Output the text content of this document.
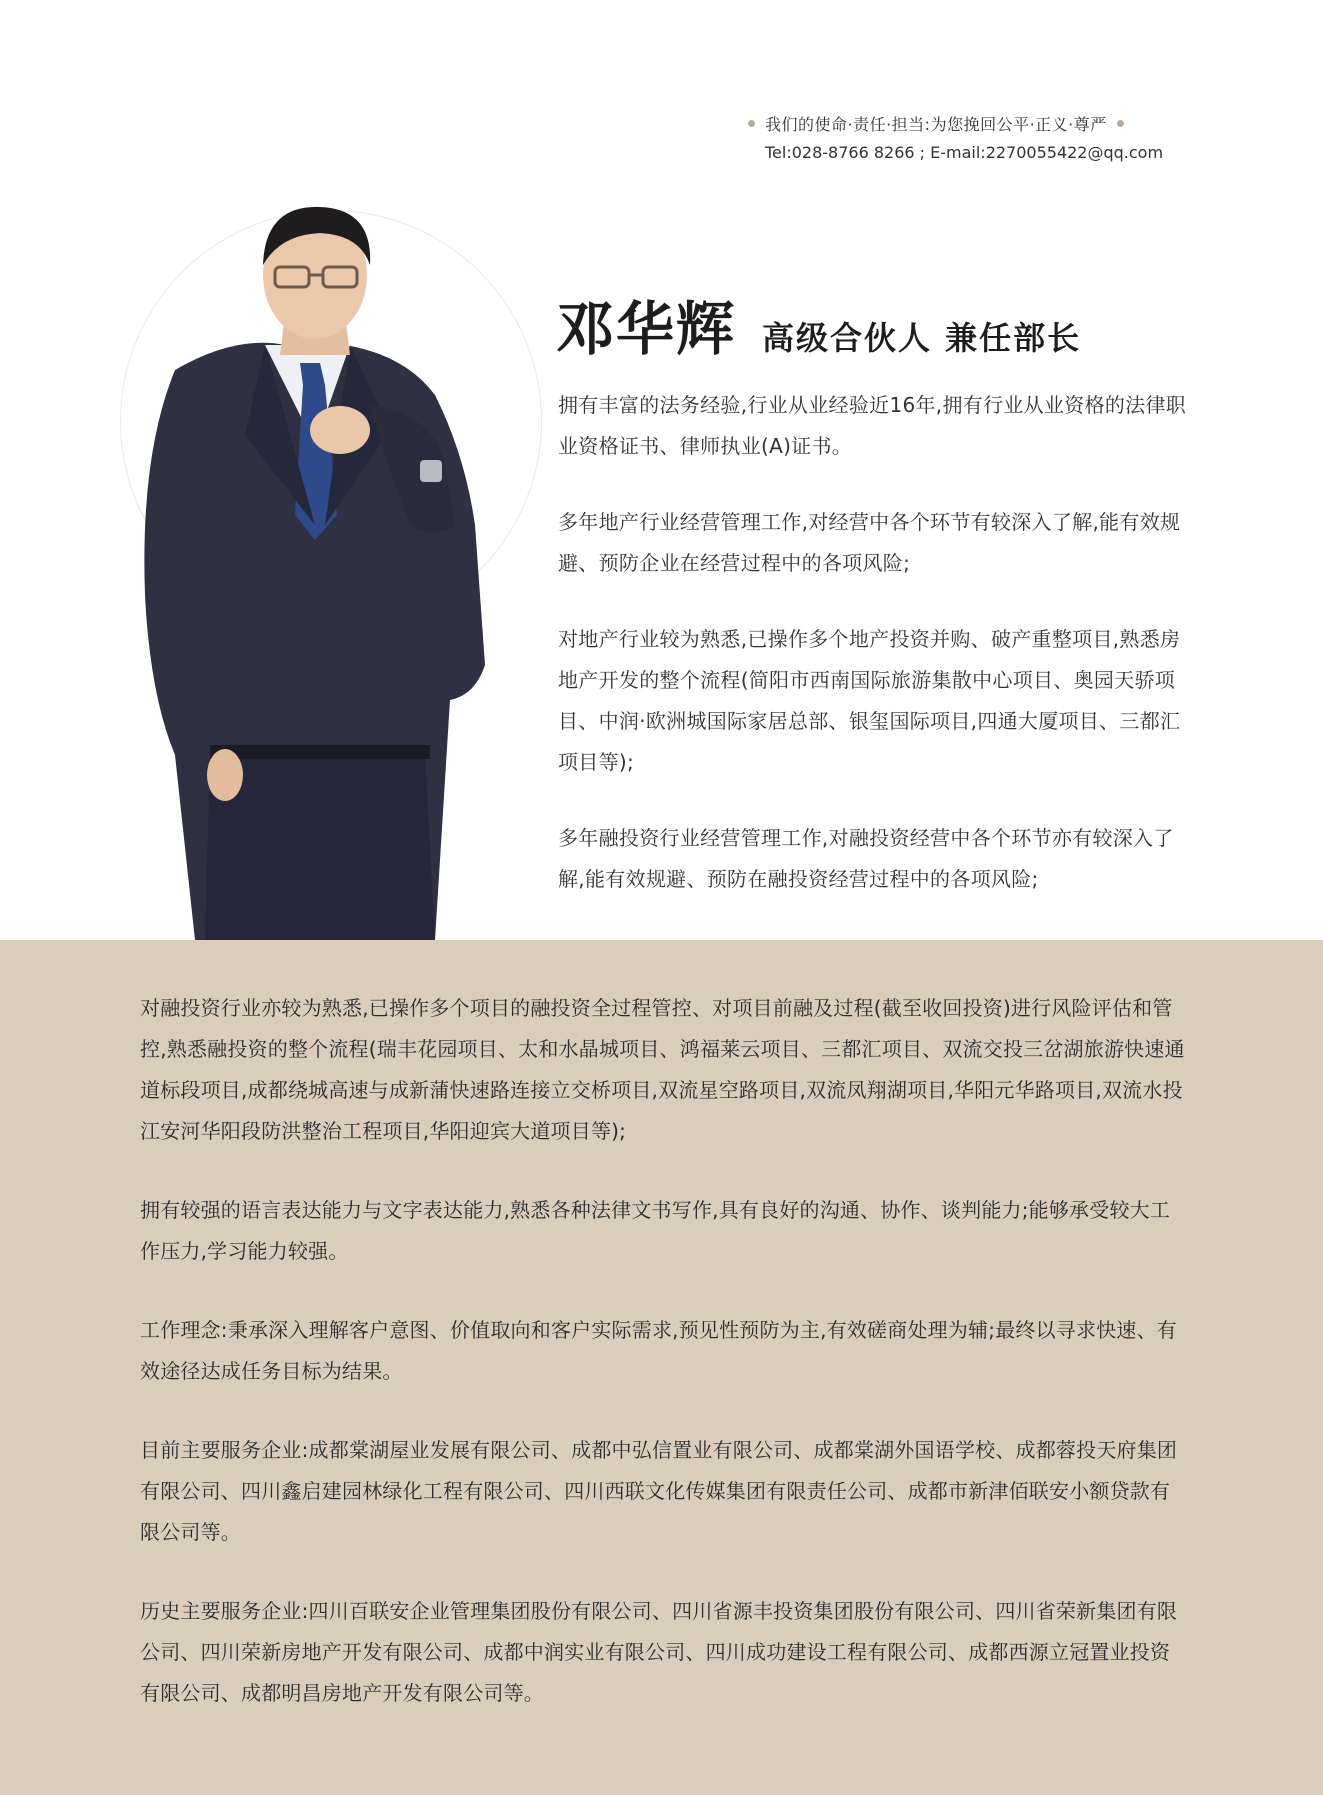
我们的使命·责任·担当:为您挽回公平·正义·尊严
Tel:028-8766 8266 ; E-mail:2270055422@qq.com
邓华辉 高级合伙人 兼任部长

拥有丰富的法务经验,行业从业经验近16年,拥有行业从业资格的法律职业资格证书、律师执业(A)证书。

多年地产行业经营管理工作,对经营中各个环节有较深入了解,能有效规避、预防企业在经营过程中的各项风险;

对地产行业较为熟悉,已操作多个地产投资并购、破产重整项目,熟悉房地产开发的整个流程(简阳市西南国际旅游集散中心项目、奥园天骄项目、中润·欧洲城国际家居总部、银玺国际项目,四通大厦项目、三都汇项目等);

多年融投资行业经营管理工作,对融投资经营中各个环节亦有较深入了解,能有效规避、预防在融投资经营过程中的各项风险;

对融投资行业亦较为熟悉,已操作多个项目的融投资全过程管控、对项目前融及过程(截至收回投资)进行风险评估和管控,熟悉融投资的整个流程(瑞丰花园项目、太和水晶城项目、鸿福莱云项目、三都汇项目、双流交投三岔湖旅游快速通道标段项目,成都绕城高速与成新蒲快速路连接立交桥项目,双流星空路项目,双流凤翔湖项目,华阳元华路项目,双流水投江安河华阳段防洪整治工程项目,华阳迎宾大道项目等);

拥有较强的语言表达能力与文字表达能力,熟悉各种法律文书写作,具有良好的沟通、协作、谈判能力;能够承受较大工作压力,学习能力较强。

工作理念:秉承深入理解客户意图、价值取向和客户实际需求,预见性预防为主,有效磋商处理为辅;最终以寻求快速、有效途径达成任务目标为结果。

目前主要服务企业:成都棠湖屋业发展有限公司、成都中弘信置业有限公司、成都棠湖外国语学校、成都蓉投天府集团有限公司、四川鑫启建园林绿化工程有限公司、四川西联文化传媒集团有限责任公司、成都市新津佰联安小额贷款有限公司等。

历史主要服务企业:四川百联安企业管理集团股份有限公司、四川省源丰投资集团股份有限公司、四川省荣新集团有限公司、四川荣新房地产开发有限公司、成都中润实业有限公司、四川成功建设工程有限公司、成都西源立冠置业投资有限公司、成都明昌房地产开发有限公司等。
